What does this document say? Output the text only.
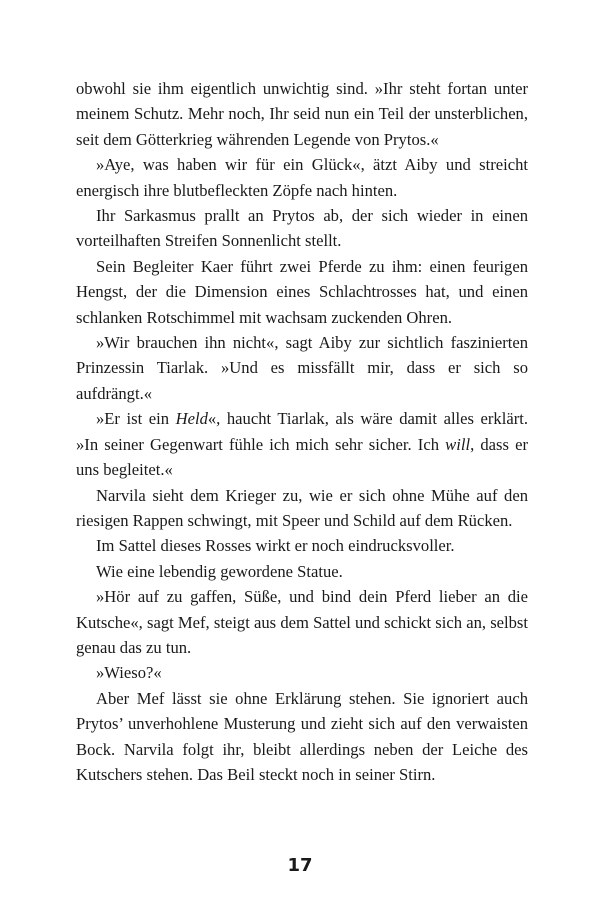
obwohl sie ihm eigentlich unwichtig sind. »Ihr steht fortan unter meinem Schutz. Mehr noch, Ihr seid nun ein Teil der unsterblichen, seit dem Götterkrieg währenden Legende von Prytos.«

»Aye, was haben wir für ein Glück«, ätzt Aiby und streicht energisch ihre blutbefleckten Zöpfe nach hinten.

Ihr Sarkasmus prallt an Prytos ab, der sich wieder in einen vorteilhaften Streifen Sonnenlicht stellt.

Sein Begleiter Kaer führt zwei Pferde zu ihm: einen feurigen Hengst, der die Dimension eines Schlachtrosses hat, und einen schlanken Rotschimmel mit wachsam zuckenden Ohren.

»Wir brauchen ihn nicht«, sagt Aiby zur sichtlich faszinierten Prinzessin Tiarlak. »Und es missfällt mir, dass er sich so aufdrängt.«

»Er ist ein Held«, haucht Tiarlak, als wäre damit alles erklärt. »In seiner Gegenwart fühle ich mich sehr sicher. Ich will, dass er uns begleitet.«

Narvila sieht dem Krieger zu, wie er sich ohne Mühe auf den riesigen Rappen schwingt, mit Speer und Schild auf dem Rücken.

Im Sattel dieses Rosses wirkt er noch eindrucksvoller.

Wie eine lebendig gewordene Statue.

»Hör auf zu gaffen, Süße, und bind dein Pferd lieber an die Kutsche«, sagt Mef, steigt aus dem Sattel und schickt sich an, selbst genau das zu tun.

»Wieso?«

Aber Mef lässt sie ohne Erklärung stehen. Sie ignoriert auch Prytos’ unverhohlene Musterung und zieht sich auf den verwaisten Bock. Narvila folgt ihr, bleibt allerdings neben der Leiche des Kutschers stehen. Das Beil steckt noch in seiner Stirn.

17
